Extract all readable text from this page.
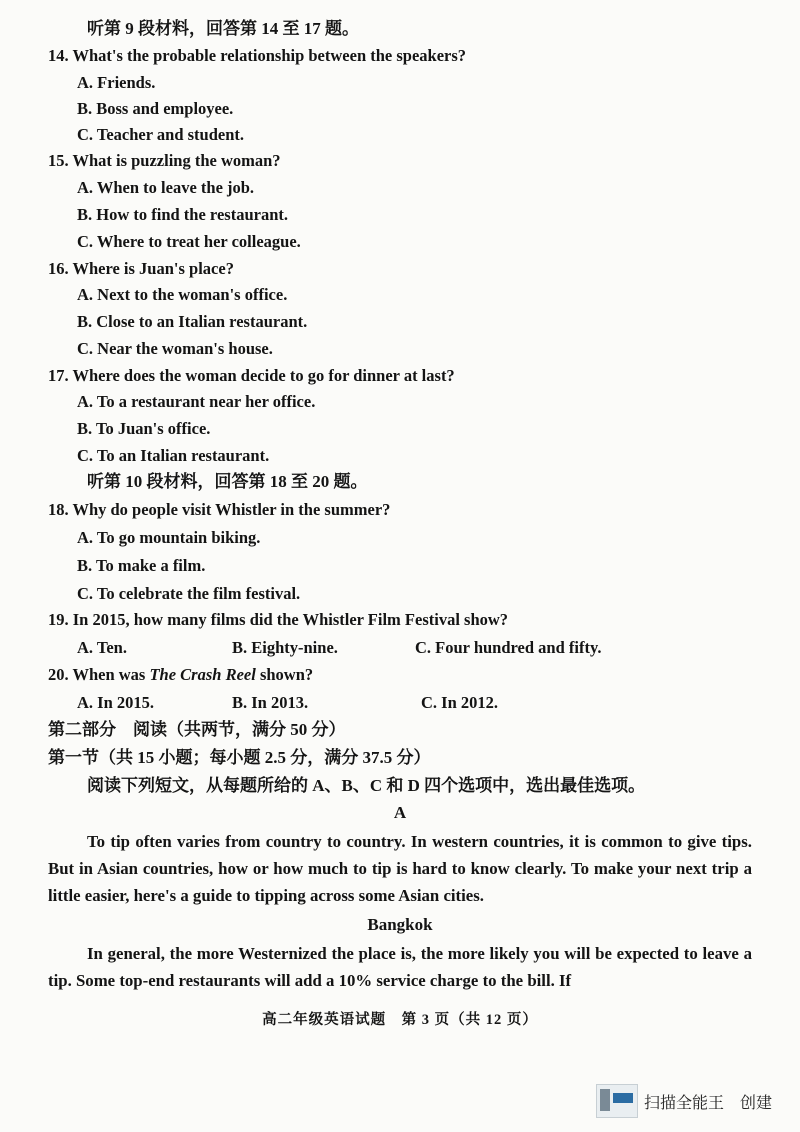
听第 9 段材料，回答第 14 至 17 题。
14. What's the probable relationship between the speakers?
A. Friends.
B. Boss and employee.
C. Teacher and student.
15. What is puzzling the woman?
A. When to leave the job.
B. How to find the restaurant.
C. Where to treat her colleague.
16. Where is Juan's place?
A. Next to the woman's office.
B. Close to an Italian restaurant.
C. Near the woman's house.
17. Where does the woman decide to go for dinner at last?
A. To a restaurant near her office.
B. To Juan's office.
C. To an Italian restaurant.
听第 10 段材料，回答第 18 至 20 题。
18. Why do people visit Whistler in the summer?
A. To go mountain biking.
B. To make a film.
C. To celebrate the film festival.
19. In 2015, how many films did the Whistler Film Festival show?
A. Ten.	B. Eighty-nine.	C. Four hundred and fifty.
20. When was The Crash Reel shown?
A. In 2015.	B. In 2013.	C. In 2012.
第二部分　阅读（共两节，满分 50 分）
第一节（共 15 小题；每小题 2.5 分，满分 37.5 分）
阅读下列短文，从每题所给的 A、B、C 和 D 四个选项中，选出最佳选项。
A
To tip often varies from country to country. In western countries, it is common to give tips. But in Asian countries, how or how much to tip is hard to know clearly. To make your next trip a little easier, here's a guide to tipping across some Asian cities.
Bangkok
In general, the more Westernized the place is, the more likely you will be expected to leave a tip. Some top-end restaurants will add a 10% service charge to the bill. If
高二年级英语试题　第 3 页（共 12 页）
扫描全能王　创建
